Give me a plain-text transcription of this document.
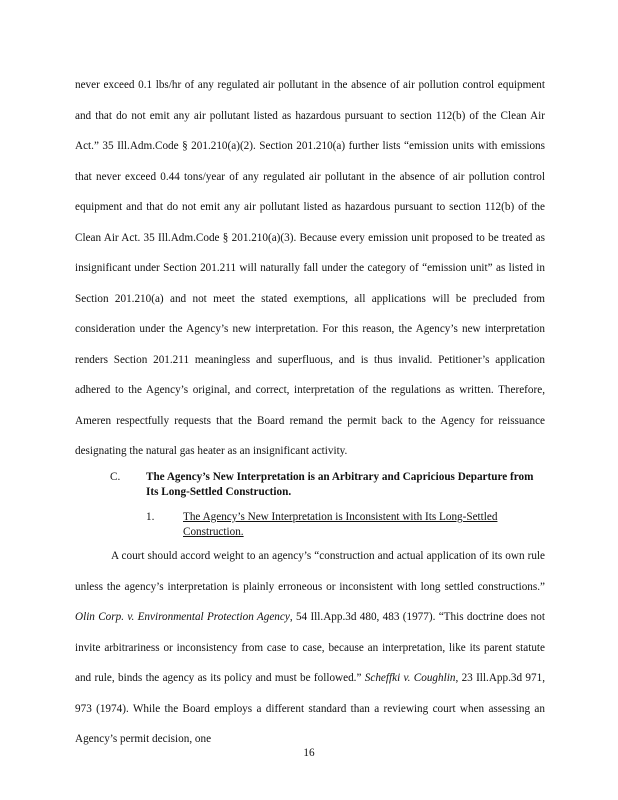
never exceed 0.1 lbs/hr of any regulated air pollutant in the absence of air pollution control equipment and that do not emit any air pollutant listed as hazardous pursuant to section 112(b) of the Clean Air Act.” 35 Ill.Adm.Code § 201.210(a)(2). Section 201.210(a) further lists “emission units with emissions that never exceed 0.44 tons/year of any regulated air pollutant in the absence of air pollution control equipment and that do not emit any air pollutant listed as hazardous pursuant to section 112(b) of the Clean Air Act. 35 Ill.Adm.Code § 201.210(a)(3). Because every emission unit proposed to be treated as insignificant under Section 201.211 will naturally fall under the category of “emission unit” as listed in Section 201.210(a) and not meet the stated exemptions, all applications will be precluded from consideration under the Agency’s new interpretation. For this reason, the Agency’s new interpretation renders Section 201.211 meaningless and superfluous, and is thus invalid. Petitioner’s application adhered to the Agency’s original, and correct, interpretation of the regulations as written. Therefore, Ameren respectfully requests that the Board remand the permit back to the Agency for reissuance designating the natural gas heater as an insignificant activity.

C. The Agency’s New Interpretation is an Arbitrary and Capricious Departure from Its Long-Settled Construction.
1.	The Agency’s New Interpretation is Inconsistent with Its Long-Settled Construction.

A court should accord weight to an agency’s “construction and actual application of its own rule unless the agency’s interpretation is plainly erroneous or inconsistent with long settled constructions.” Olin Corp. v. Environmental Protection Agency, 54 Ill.App.3d 480, 483 (1977). “This doctrine does not invite arbitrariness or inconsistency from case to case, because an interpretation, like its parent statute and rule, binds the agency as its policy and must be followed.” Scheffki v. Coughlin, 23 Ill.App.3d 971, 973 (1974). While the Board employs a different standard than a reviewing court when assessing an Agency’s permit decision, one

16
